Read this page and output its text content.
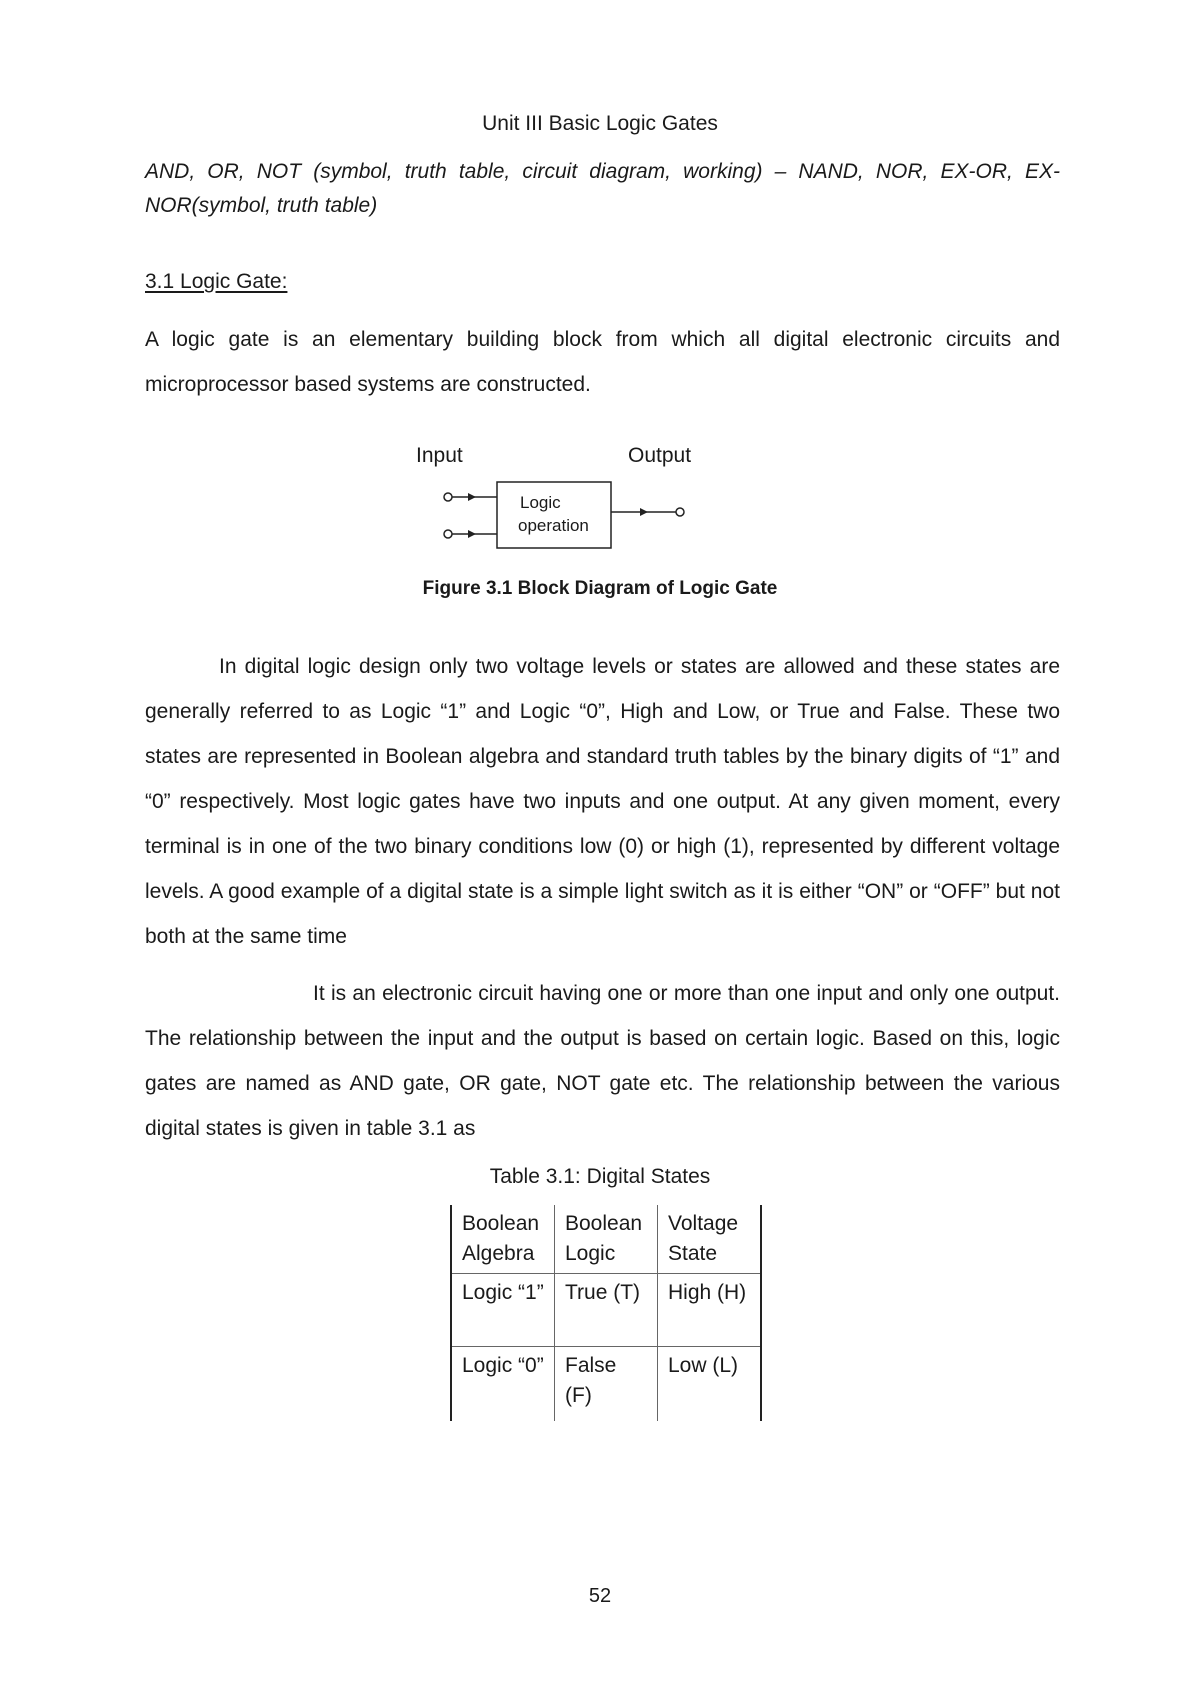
Unit III Basic Logic Gates
AND, OR, NOT (symbol, truth table, circuit diagram, working) – NAND, NOR, EX-OR, EX-NOR(symbol, truth table)
3.1 Logic Gate:
A logic gate is an elementary building block from which all digital electronic circuits and microprocessor based systems are constructed.
Input	Output
Logic
operation
Figure 3.1 Block Diagram of Logic Gate
In digital logic design only two voltage levels or states are allowed and these states are generally referred to as Logic “1” and Logic “0”, High and Low, or True and False. These two states are represented in Boolean algebra and standard truth tables by the binary digits of “1” and “0” respectively. Most logic gates have two inputs and one output. At any given moment, every terminal is in one of the two binary conditions low (0) or high (1), represented by different voltage levels. A good example of a digital state is a simple light switch as it is either “ON” or “OFF” but not both at the same time
It is an electronic circuit having one or more than one input and only one output. The relationship between the input and the output is based on certain logic. Based on this, logic gates are named as AND gate, OR gate, NOT gate etc. The relationship between the various digital states is given in table 3.1 as
Table 3.1: Digital States
Boolean Algebra	Boolean Logic	Voltage State
Logic “1”	True (T)	High (H)
Logic “0”	False (F)	Low (L)
52
